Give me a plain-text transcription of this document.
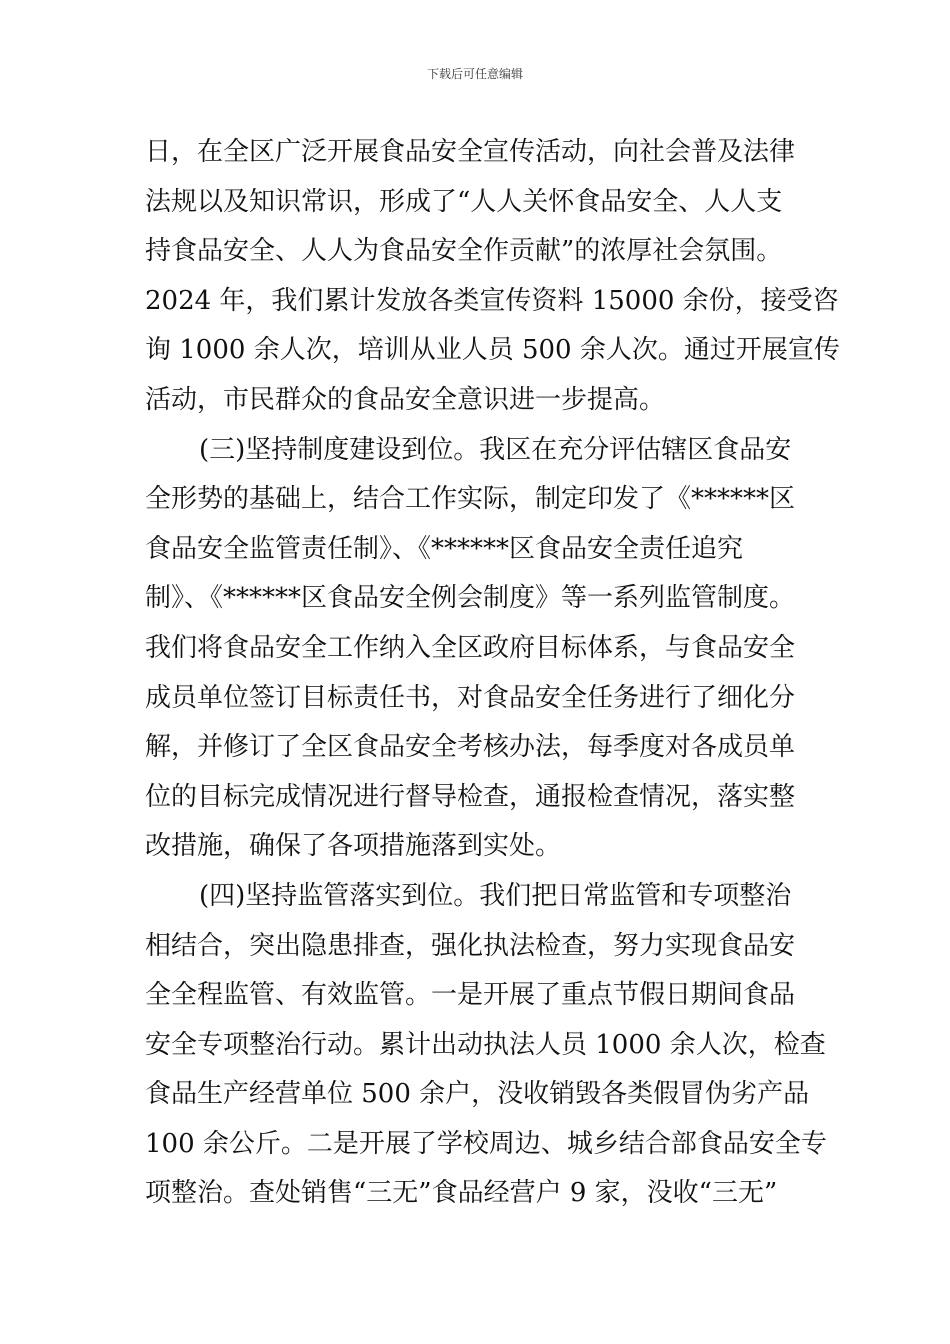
下载后可任意编辑
日，在全区广泛开展食品安全宣传活动，向社会普及法律
法规以及知识常识，形成了“人人关怀食品安全、人人支
持食品安全、人人为食品安全作贡献”的浓厚社会氛围。
2024 年，我们累计发放各类宣传资料 15000 余份，接受咨
询 1000 余人次，培训从业人员 500 余人次。通过开展宣传
活动，市民群众的食品安全意识进一步提高。
(三)坚持制度建设到位。我区在充分评估辖区食品安
全形势的基础上，结合工作实际，制定印发了《******区
食品安全监管责任制》、《******区食品安全责任追究
制》、《******区食品安全例会制度》等一系列监管制度。
我们将食品安全工作纳入全区政府目标体系，与食品安全
成员单位签订目标责任书，对食品安全任务进行了细化分
解，并修订了全区食品安全考核办法，每季度对各成员单
位的目标完成情况进行督导检查，通报检查情况，落实整
改措施，确保了各项措施落到实处。
(四)坚持监管落实到位。我们把日常监管和专项整治
相结合，突出隐患排查，强化执法检查，努力实现食品安
全全程监管、有效监管。一是开展了重点节假日期间食品
安全专项整治行动。累计出动执法人员 1000 余人次，检查
食品生产经营单位 500 余户，没收销毁各类假冒伪劣产品
100 余公斤。二是开展了学校周边、城乡结合部食品安全专
项整治。查处销售“三无”食品经营户 9 家，没收“三无”
